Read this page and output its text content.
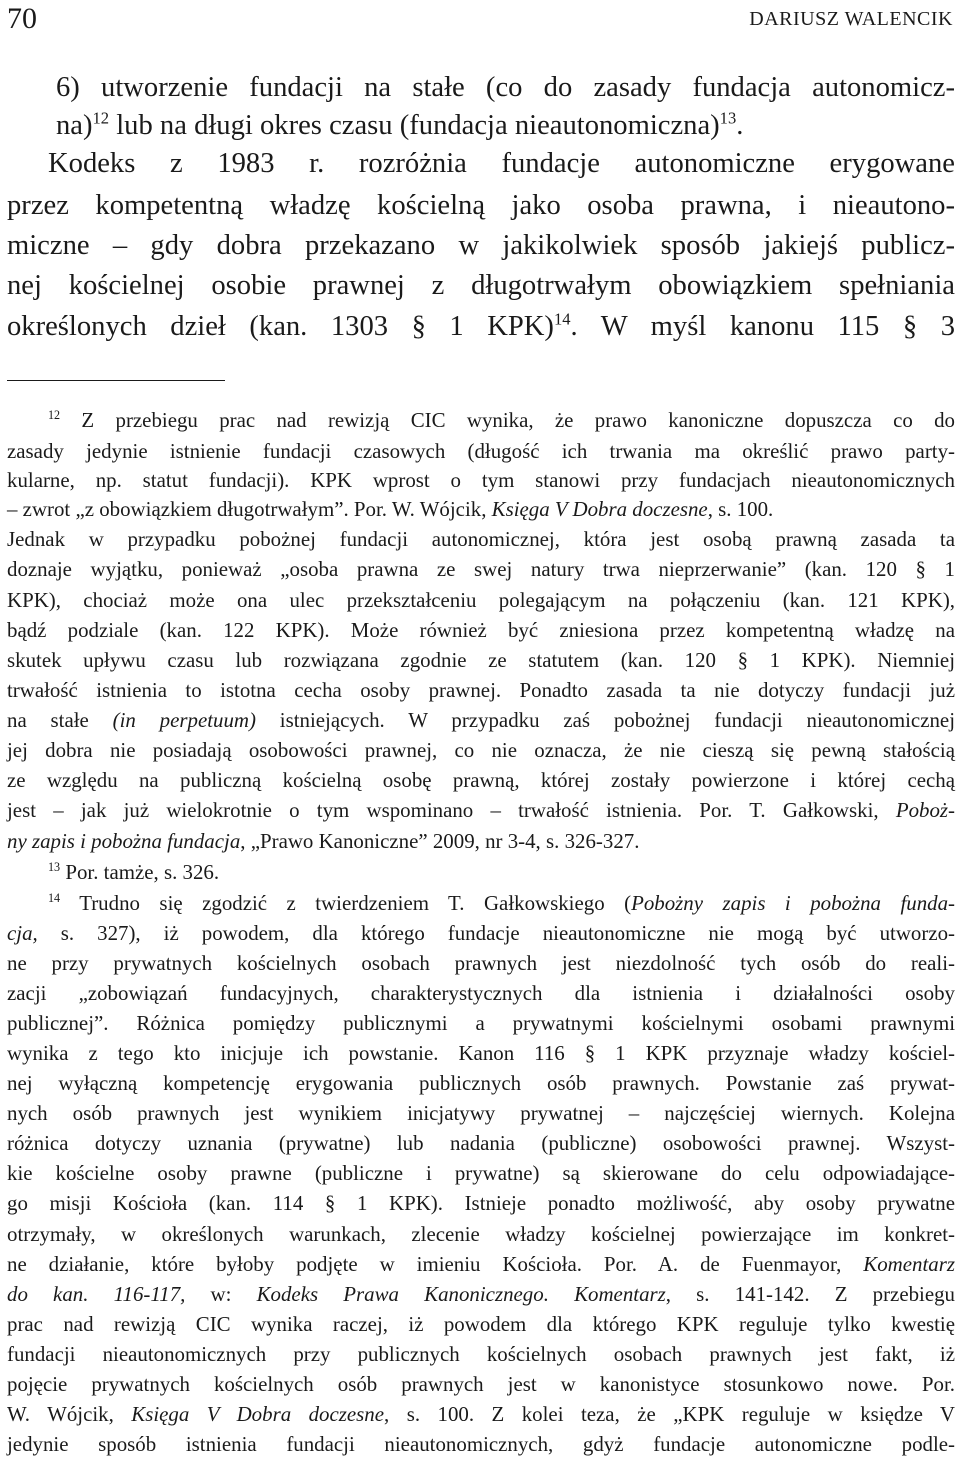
70	DARIUSZ WALENCIK
6) utworzenie fundacji na stałe (co do zasady fundacja autonomicz-
na)$^{12}$ lub na długi okres czasu (fundacja nieautonomiczna)$^{13}$.
Kodeks z 1983 r. rozróżnia fundacje autonomiczne erygowane
przez kompetentną władzę kościelną jako osoba prawna, i nieautono-
miczne – gdy dobra przekazano w jakikolwiek sposób jakiejś publicz-
nej kościelnej osobie prawnej z długotrwałym obowiązkiem spełniania
określonych dzieł (kan. 1303 § 1 KPK)$^{14}$. W myśl kanonu 115 § 3
$^{12}$ Z przebiegu prac nad rewizją CIC wynika, że prawo kanoniczne dopuszcza co do
zasady jedynie istnienie fundacji czasowych (długość ich trwania ma określić prawo party-
kularne, np. statut fundacji). KPK wprost o tym stanowi przy fundacjach nieautonomicznych
– zwrot „z obowiązkiem długotrwałym”. Por. W. Wójcik, Księga V Dobra doczesne, s. 100.
Jednak w przypadku pobożnej fundacji autonomicznej, która jest osobą prawną zasada ta
doznaje wyjątku, ponieważ „osoba prawna ze swej natury trwa nieprzerwanie” (kan. 120 § 1
KPK), chociaż może ona ulec przekształceniu polegającym na połączeniu (kan. 121 KPK),
bądź podziale (kan. 122 KPK). Może również być zniesiona przez kompetentną władzę na
skutek upływu czasu lub rozwiązana zgodnie ze statutem (kan. 120 § 1 KPK). Niemniej
trwałość istnienia to istotna cecha osoby prawnej. Ponadto zasada ta nie dotyczy fundacji już
na stałe (in perpetuum) istniejących. W przypadku zaś pobożnej fundacji nieautonomicznej
jej dobra nie posiadają osobowości prawnej, co nie oznacza, że nie cieszą się pewną stałością
ze względu na publiczną kościelną osobę prawną, której zostały powierzone i której cechą
jest – jak już wielokrotnie o tym wspominano – trwałość istnienia. Por. T. Gałkowski, Poboż-
ny zapis i pobożna fundacja, „Prawo Kanoniczne” 2009, nr 3-4, s. 326-327.
$^{13}$ Por. tamże, s. 326.
$^{14}$ Trudno się zgodzić z twierdzeniem T. Gałkowskiego (Pobożny zapis i pobożna funda-
cja, s. 327), iż powodem, dla którego fundacje nieautonomiczne nie mogą być utworzo-
ne przy prywatnych kościelnych osobach prawnych jest niezdolność tych osób do reali-
zacji „zobowiązań fundacyjnych, charakterystycznych dla istnienia i działalności osoby
publicznej”. Różnica pomiędzy publicznymi a prywatnymi kościelnymi osobami prawnymi
wynika z tego kto inicjuje ich powstanie. Kanon 116 § 1 KPK przyznaje władzy kościel-
nej wyłączną kompetencję erygowania publicznych osób prawnych. Powstanie zaś prywat-
nych osób prawnych jest wynikiem inicjatywy prywatnej – najczęściej wiernych. Kolejna
różnica dotyczy uznania (prywatne) lub nadania (publiczne) osobowości prawnej. Wszyst-
kie kościelne osoby prawne (publiczne i prywatne) są skierowane do celu odpowiadające-
go misji Kościoła (kan. 114 § 1 KPK). Istnieje ponadto możliwość, aby osoby prywatne
otrzymały, w określonych warunkach, zlecenie władzy kościelnej powierzające im konkret-
ne działanie, które byłoby podjęte w imieniu Kościoła. Por. A. de Fuenmayor, Komentarz
do kan. 116-117, w: Kodeks Prawa Kanonicznego. Komentarz, s. 141-142. Z przebiegu
prac nad rewizją CIC wynika raczej, iż powodem dla którego KPK reguluje tylko kwestię
fundacji nieautonomicznych przy publicznych kościelnych osobach prawnych jest fakt, iż
pojęcie prywatnych kościelnych osób prawnych jest w kanonistyce stosunkowo nowe. Por.
W. Wójcik, Księga V Dobra doczesne, s. 100. Z kolei teza, że „KPK reguluje w księdze V
jedynie sposób istnienia fundacji nieautonomicznych, gdyż fundacje autonomiczne podle-
